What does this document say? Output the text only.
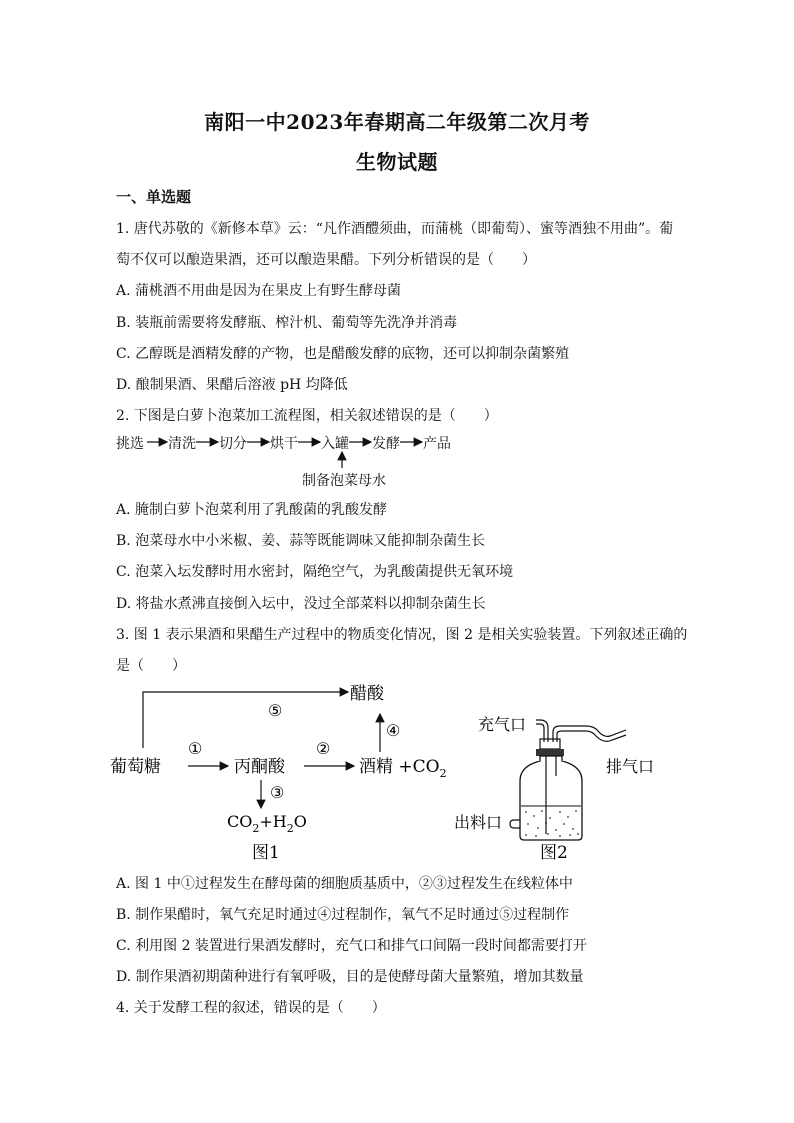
南阳一中2023年春期高二年级第二次月考
生物试题
一、单选题
1. 唐代苏敬的《新修本草》云：“凡作酒醴须曲，而蒲桃（即葡萄）、蜜等酒独不用曲”。葡
萄不仅可以酿造果酒，还可以酿造果醋。下列分析错误的是（　　）
A. 蒲桃酒不用曲是因为在果皮上有野生酵母菌
B. 装瓶前需要将发酵瓶、榨汁机、葡萄等先洗净并消毒
C. 乙醇既是酒精发酵的产物，也是醋酸发酵的底物，还可以抑制杂菌繁殖
D. 酿制果酒、果醋后溶液 pH 均降低
2. 下图是白萝卜泡菜加工流程图，相关叙述错误的是（　　）
挑选 清洗 切分 烘干 入罐 发酵 产品
制备泡菜母水
A. 腌制白萝卜泡菜利用了乳酸菌的乳酸发酵
B. 泡菜母水中小米椒、姜、蒜等既能调味又能抑制杂菌生长
C. 泡菜入坛发酵时用水密封，隔绝空气，为乳酸菌提供无氧环境
D. 将盐水煮沸直接倒入坛中，没过全部菜料以抑制杂菌生长
3. 图 1 表示果酒和果醋生产过程中的物质变化情况，图 2 是相关实验装置。下列叙述正确的
是（　　）
醋酸
⑤
④
①	②
葡萄糖	丙酮酸	酒精 $+CO_2$
③
$CO_2+H_2O$
图1
充气口
排气口
出料口
图2
A. 图 1 中①过程发生在酵母菌的细胞质基质中，②③过程发生在线粒体中
B. 制作果醋时，氧气充足时通过④过程制作，氧气不足时通过⑤过程制作
C. 利用图 2 装置进行果酒发酵时，充气口和排气口间隔一段时间都需要打开
D. 制作果酒初期菌种进行有氧呼吸，目的是使酵母菌大量繁殖，增加其数量
4. 关于发酵工程的叙述，错误的是（　　）
